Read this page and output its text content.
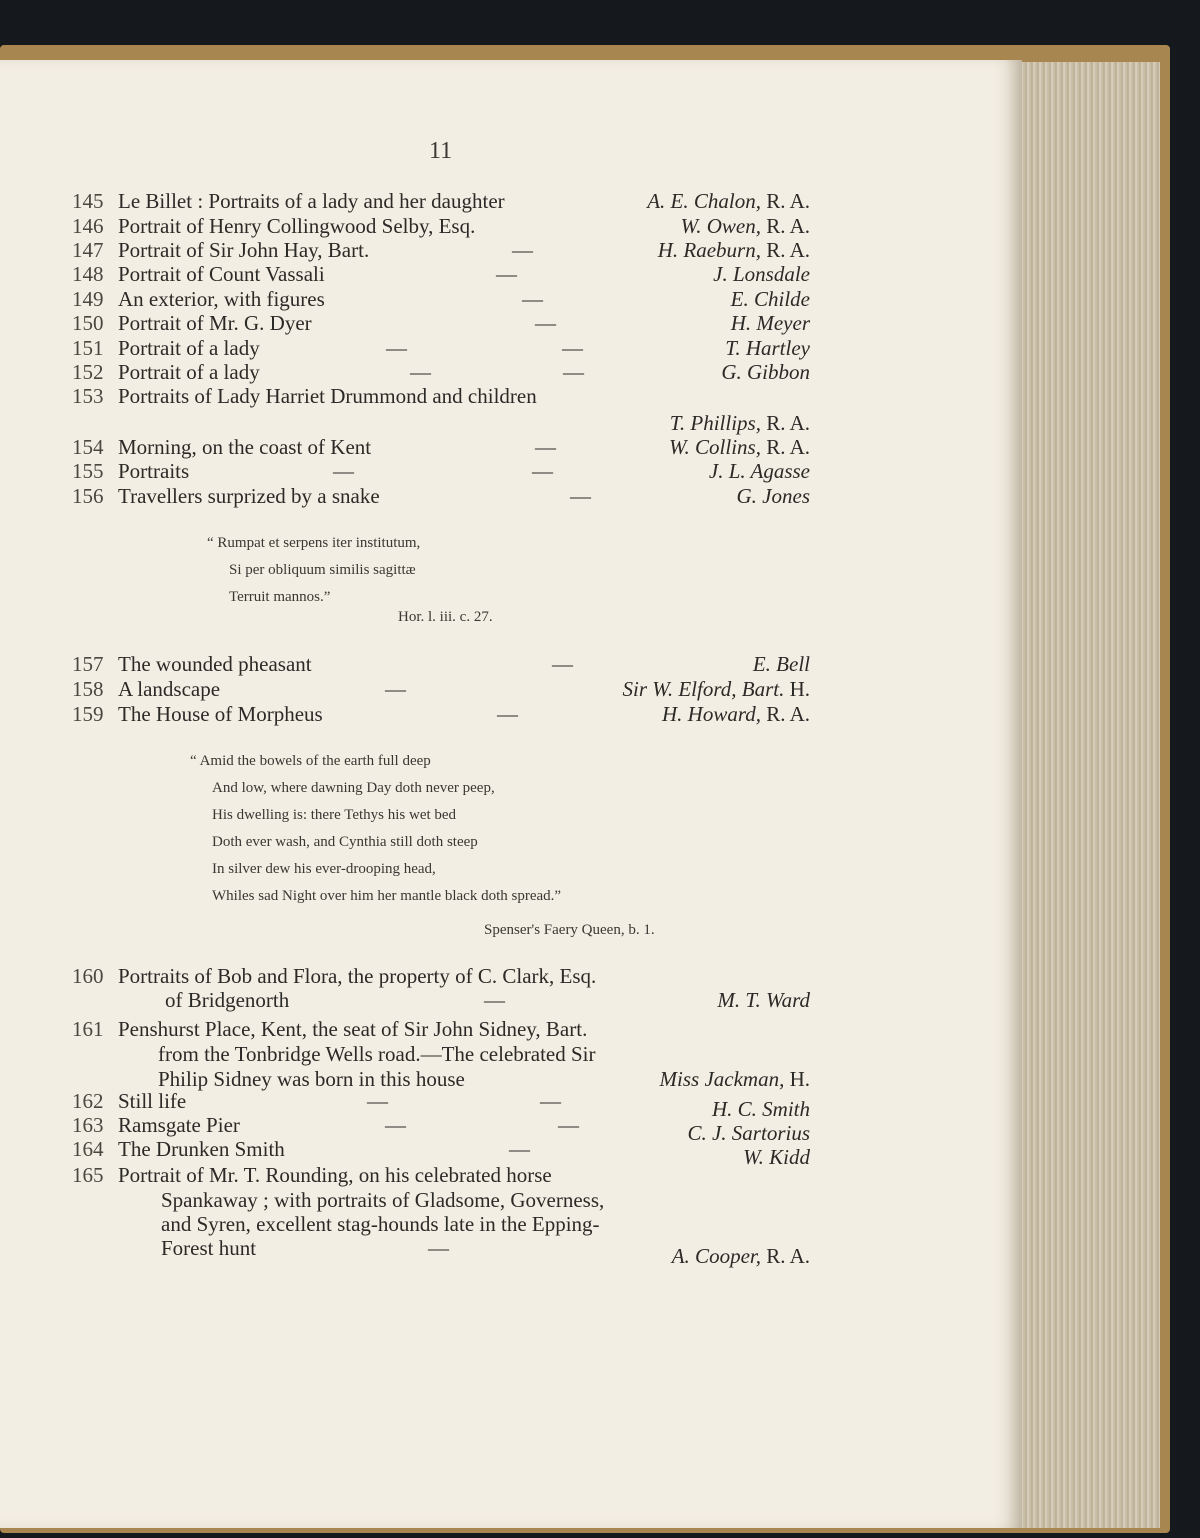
11
145 Le Billet : Portraits of a lady and her daughter	A. E. Chalon, R. A.
146 Portrait of Henry Collingwood Selby, Esq.	W. Owen, R. A.
147 Portrait of Sir John Hay, Bart.	—	H. Raeburn, R. A.
148 Portrait of Count Vassali	—	J. Lonsdale
149 An exterior, with figures	—	E. Childe
150 Portrait of Mr. G. Dyer	—	H. Meyer
151 Portrait of a lady	—	—	T. Hartley
152 Portrait of a lady	—	—	G. Gibbon
153 Portraits of Lady Harriet Drummond and children
T. Phillips, R. A.
154 Morning, on the coast of Kent	—	W. Collins, R. A.
155 Portraits	—	—	J. L. Agasse
156 Travellers surprized by a snake	—	G. Jones
“ Rumpat et serpens iter institutum,
Si per obliquum similis sagittæ
Terruit mannos.”
Hor. l. iii. c. 27.
157 The wounded pheasant	—	E. Bell
158 A landscape	—	Sir W. Elford, Bart. H.
159 The House of Morpheus	—	H. Howard, R. A.
“ Amid the bowels of the earth full deep
And low, where dawning Day doth never peep,
His dwelling is: there Tethys his wet bed
Doth ever wash, and Cynthia still doth steep
In silver dew his ever-drooping head,
Whiles sad Night over him her mantle black doth spread.”
Spenser's Faery Queen, b. 1.
160 Portraits of Bob and Flora, the property of C. Clark, Esq.
of Bridgenorth	—	M. T. Ward
161 Penshurst Place, Kent, the seat of Sir John Sidney, Bart.
from the Tonbridge Wells road.—The celebrated Sir
Philip Sidney was born in this house	Miss Jackman, H.
162 Still life	—	—	H. C. Smith
163 Ramsgate Pier	—	—	C. J. Sartorius
164 The Drunken Smith	—	W. Kidd
165 Portrait of Mr. T. Rounding, on his celebrated horse
Spankaway ; with portraits of Gladsome, Governess,
and Syren, excellent stag-hounds late in the Epping-
Forest hunt	—	A. Cooper, R. A.
